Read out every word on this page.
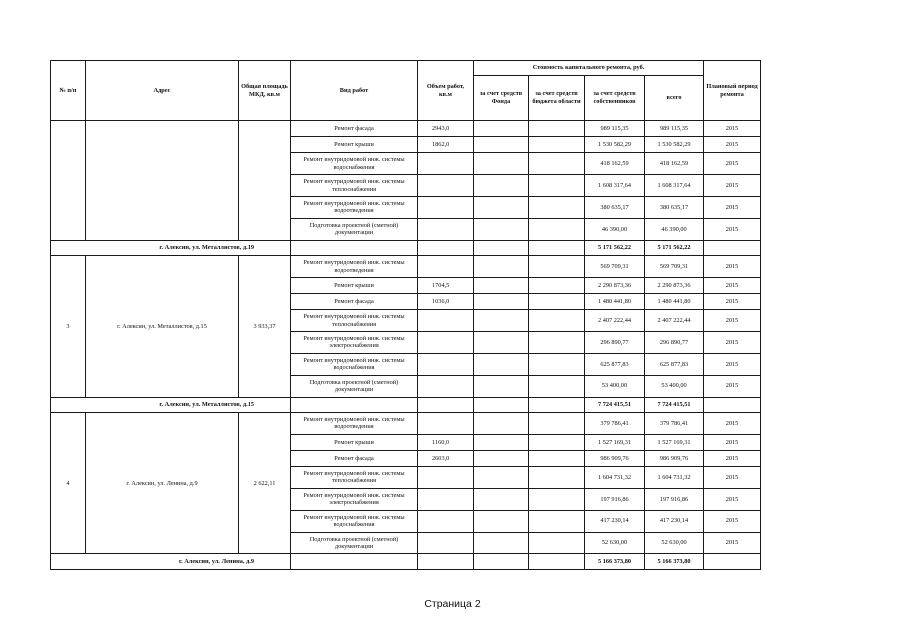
№ п/п	Адрес	Общая площадь МКД, кв.м	Вид работ	Объем работ, кв.м	Стоимость капитального ремонта, руб.				Плановый период ремонта
					за счет средств Фонда	за счет средств бюджета области	за счет средств собственников	всего	
			Ремонт фасада	2943,0			989 115,35	989 115,35	2015
			Ремонт крыши	1862,0			1 530 582,29	1 530 582,29	2015
			Ремонт внутридомовой инж. системы водоснабжения				418 162,59	418 162,59	2015
			Ремонт внутридомовой инж. системы теплоснабжения				1 608 317,64	1 608 317,64	2015
			Ремонт внутридомовой инж. системы водоотведения				380 635,17	380 635,17	2015
			Подготовка проектной (сметной) документации				46 390,00	46 390,00	2015
г. Алексин, ул. Металлистов, д.19							5 171 562,22	5 171 562,22	
3	г. Алексин, ул. Металлистов, д.15	3 933,37	Ремонт внутридомовой инж. системы водоотведения				569 709,31	569 709,31	2015
			Ремонт крыши	1704,5			2 290 873,36	2 290 873,36	2015
			Ремонт фасада	1036,0			1 480 441,80	1 480 441,80	2015
			Ремонт внутридомовой инж. системы теплоснабжения				2 407 222,44	2 407 222,44	2015
			Ремонт внутридомовой инж. системы электроснабжения				296 890,77	296 890,77	2015
			Ремонт внутридомовой инж. системы водоснабжения				625 877,83	625 877,83	2015
			Подготовка проектной (сметной) документации				53 400,00	53 400,00	2015
г. Алексин, ул. Металлистов, д.15							7 724 415,51	7 724 415,51	
4	г. Алексин, ул. Ленина, д.9	2 622,11	Ремонт внутридомовой инж. системы водоотведения				379 786,41	379 786,41	2015
			Ремонт крыши	1160,0			1 527 169,31	1 527 169,31	2015
			Ремонт фасада	2603,0			986 909,76	986 909,76	2015
			Ремонт внутридомовой инж. системы теплоснабжения				1 604 731,32	1 604 731,32	2015
			Ремонт внутридомовой инж. системы электроснабжения				197 916,86	197 916,86	2015
			Ремонт внутридомовой инж. системы водоснабжения				417 230,14	417 230,14	2015
			Подготовка проектной (сметной) документации				52 630,00	52 630,00	2015
г. Алексин, ул. Ленина, д.9							5 166 373,80	5 166 373,80	
Страница 2
